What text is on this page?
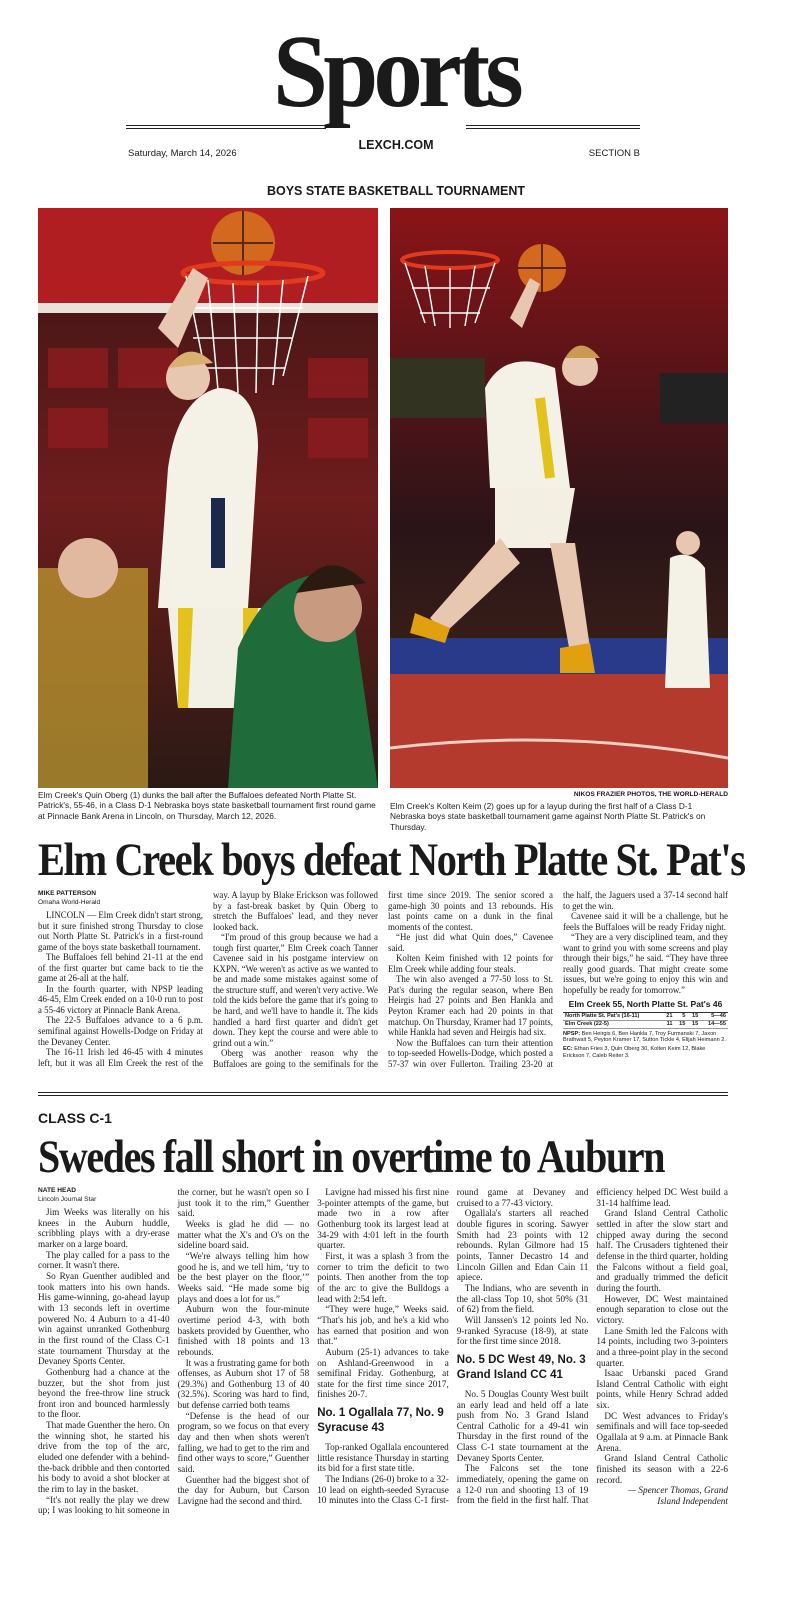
Sports
LEXCH.COM
Saturday, March 14, 2026	SECTION B
BOYS STATE BASKETBALL TOURNAMENT
Elm Creek's Quin Oberg (1) dunks the ball after the Buffaloes defeated North Platte St. Patrick's, 55-46, in a Class D-1 Nebraska boys state basketball tournament first round game at Pinnacle Bank Arena in Lincoln, on Thursday, March 12, 2026.
NIKOS FRAZIER PHOTOS, THE WORLD-HERALD
Elm Creek's Kolten Keim (2) goes up for a layup during the first half of a Class D-1 Nebraska boys state basketball tournament game against North Platte St. Patrick's on Thursday.
Elm Creek boys defeat North Platte St. Pat's
MIKE PATTERSON
Omaha World-Herald
LINCOLN — Elm Creek didn't start strong, but it sure finished strong Thursday to close out North Platte St. Patrick's in a first-round game of the boys state basketball tournament.
The Buffaloes fell behind 21-11 at the end of the first quarter but came back to tie the game at 26-all at the half.
In the fourth quarter, with NPSP leading 46-45, Elm Creek ended on a 10-0 run to post a 55-46 victory at Pinnacle Bank Arena.
The 22-5 Buffaloes advance to a 6 p.m. semifinal against Howells-Dodge on Friday at the Devaney Center.
The 16-11 Irish led 46-45 with 4 minutes left, but it was all Elm Creek the rest of the way. A layup by Blake Erickson was followed by a fast-break basket by Quin Oberg to stretch the Buffaloes' lead, and they never looked back.
“I'm proud of this group because we had a tough first quarter,” Elm Creek coach Tanner Cavenee said in his postgame interview on KXPN. “We weren't as active as we wanted to be and made some mistakes against some of the structure stuff, and weren't very active. We told the kids before the game that it's going to be hard, and we'll have to handle it. The kids handled a hard first quarter and didn't get down. They kept the course and were able to grind out a win.”
Oberg was another reason why the Buffaloes are going to the semifinals for the first time since 2019. The senior scored a game-high 30 points and 13 rebounds. His last points came on a dunk in the final moments of the contest.
“He just did what Quin does,” Cavenee said.
Kolten Keim finished with 12 points for Elm Creek while adding four steals.
The win also avenged a 77-50 loss to St. Pat's during the regular season, where Ben Heirgis had 27 points and Ben Hankla and Peyton Kramer each had 20 points in that matchup. On Thursday, Kramer had 17 points, while Hankla had seven and Heirgis had six.
Now the Buffaloes can turn their attention to top-seeded Howells-Dodge, which posted a 57-37 win over Fullerton. Trailing 23-20 at the half, the Jaguers used a 37-14 second half to get the win.
Cavenee said it will be a challenge, but he feels the Buffaloes will be ready Friday night.
“They are a very disciplined team, and they want to grind you with some screens and play through their bigs,” he said. “They have three really good guards. That might create some issues, but we're going to enjoy this win and hopefully be ready for tomorrow.”
Elm Creek 55, North Platte St. Pat's 46
North Platte St. Pat's (16-11)	21	5	15	5—46
Elm Creek (22-5)	11	15	15	14—55
NPSP: Ben Heirgis 6, Ben Hankla 7, Troy Furmanski 7, Jaxon Brathwait 5, Peyton Kramer 17, Sutton Tickle 4, Elijah Heimann 2.
EC: Ethan Fries 3, Quin Oberg 30, Kolten Keim 12, Blake Erickson 7, Caleb Reiter 3.
CLASS C-1
Swedes fall short in overtime to Auburn
NATE HEAD
Lincoln Journal Star
Jim Weeks was literally on his knees in the Auburn huddle, scribbling plays with a dry-erase marker on a large board.
The play called for a pass to the corner. It wasn't there.
So Ryan Guenther audibled and took matters into his own hands. His game-winning, go-ahead layup with 13 seconds left in overtime powered No. 4 Auburn to a 41-40 win against unranked Gothenburg in the first round of the Class C-1 state tournament Thursday at the Devaney Sports Center.
Gothenburg had a chance at the buzzer, but the shot from just beyond the free-throw line struck front iron and bounced harmlessly to the floor.
That made Guenther the hero. On the winning shot, he started his drive from the top of the arc, eluded one defender with a behind-the-back dribble and then contorted his body to avoid a shot blocker at the rim to lay in the basket.
“It's not really the play we drew up; I was looking to hit someone in the corner, but he wasn't open so I just took it to the rim,” Guenther said.
Weeks is glad he did — no matter what the X's and O's on the sideline board said.
“We're always telling him how good he is, and we tell him, ‘try to be the best player on the floor,’” Weeks said. “He made some big plays and does a lot for us.”
Auburn won the four-minute overtime period 4-3, with both baskets provided by Guenther, who finished with 18 points and 13 rebounds.
It was a frustrating game for both offenses, as Auburn shot 17 of 58 (29.3%) and Gothenburg 13 of 40 (32.5%). Scoring was hard to find, but defense carried both teams
“Defense is the head of our program, so we focus on that every day and then when shots weren't falling, we had to get to the rim and find other ways to score,” Guenther said.
Guenther had the biggest shot of the day for Auburn, but Carson Lavigne had the second and third.
Lavigne had missed his first nine 3-pointer attempts of the game, but made two in a row after Gothenburg took its largest lead at 34-29 with 4:01 left in the fourth quarter.
First, it was a splash 3 from the corner to trim the deficit to two points. Then another from the top of the arc to give the Bulldogs a lead with 2:54 left.
“They were huge,” Weeks said. “That's his job, and he's a kid who has earned that position and won that.”
Auburn (25-1) advances to take on Ashland-Greenwood in a semifinal Friday. Gothenburg, at state for the first time since 2017, finishes 20-7.
No. 1 Ogallala 77, No. 9 Syracuse 43
Top-ranked Ogallala encountered little resistance Thursday in starting its bid for a first state title.
The Indians (26-0) broke to a 32-10 lead on eighth-seeded Syracuse 10 minutes into the Class C-1 first-round game at Devaney and cruised to a 77-43 victory.
Ogallala's starters all reached double figures in scoring. Sawyer Smith had 23 points with 12 rebounds. Rylan Gilmore had 15 points, Tanner Decastro 14 and Lincoln Gillen and Edan Cain 11 apiece.
The Indians, who are seventh in the all-class Top 10, shot 50% (31 of 62) from the field.
Will Janssen's 12 points led No. 9-ranked Syracuse (18-9), at state for the first time since 2018.
No. 5 DC West 49, No. 3 Grand Island CC 41
No. 5 Douglas County West built an early lead and held off a late push from No. 3 Grand Island Central Catholic for a 49-41 win Thursday in the first round of the Class C-1 state tournament at the Devaney Sports Center.
The Falcons set the tone immediately, opening the game on a 12-0 run and shooting 13 of 19 from the field in the first half. That efficiency helped DC West build a 31-14 halftime lead.
Grand Island Central Catholic settled in after the slow start and chipped away during the second half. The Crusaders tightened their defense in the third quarter, holding the Falcons without a field goal, and gradually trimmed the deficit during the fourth.
However, DC West maintained enough separation to close out the victory.
Lane Smith led the Falcons with 14 points, including two 3-pointers and a three-point play in the second quarter.
Isaac Urbanski paced Grand Island Central Catholic with eight points, while Henry Schrad added six.
DC West advances to Friday's semifinals and will face top-seeded Ogallala at 9 a.m. at Pinnacle Bank Arena.
Grand Island Central Catholic finished its season with a 22-6 record.
— Spencer Thomas, Grand Island Independent
